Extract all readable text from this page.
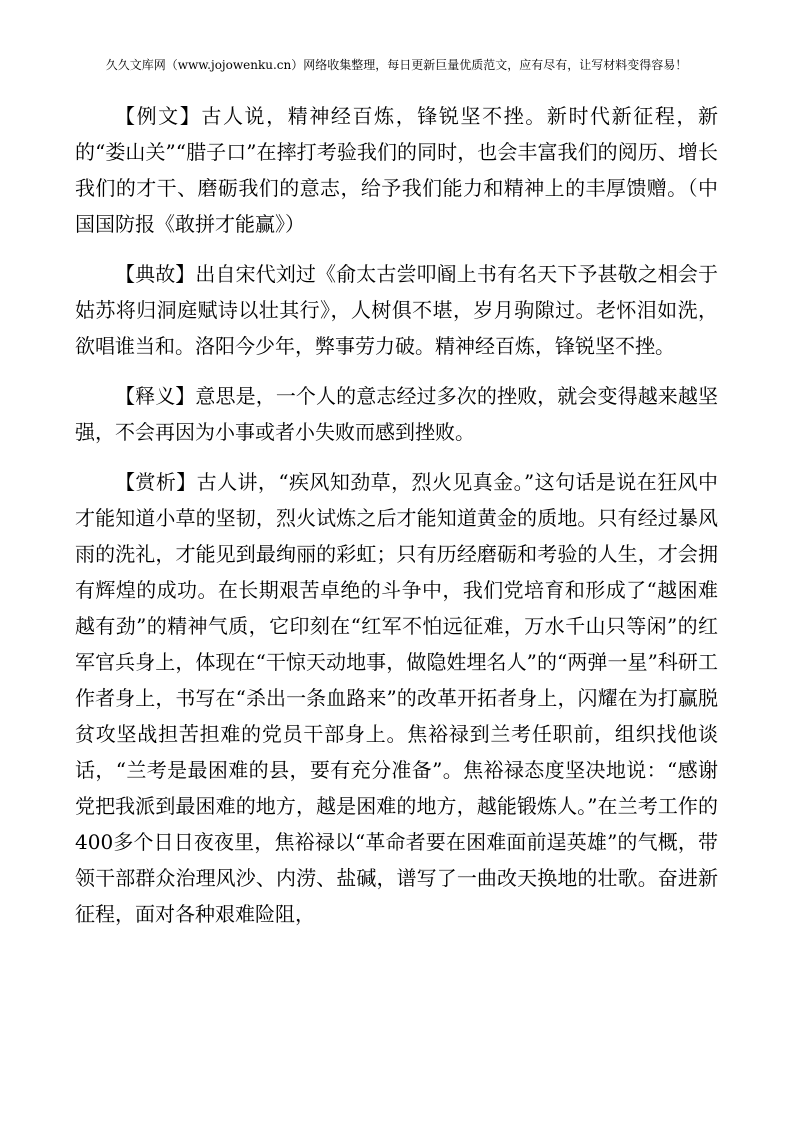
久久文库网（www.jojowenku.cn）网络收集整理，每日更新巨量优质范文，应有尽有，让写材料变得容易！

【例文】古人说，精神经百炼，锋锐坚不挫。新时代新征程，新的“娄山关”“腊子口”在摔打考验我们的同时，也会丰富我们的阅历、增长我们的才干、磨砺我们的意志，给予我们能力和精神上的丰厚馈赠。（中国国防报《敢拼才能赢》）

【典故】出自宋代刘过《俞太古尝叩阍上书有名天下予甚敬之相会于姑苏将归洞庭赋诗以壮其行》，人树俱不堪，岁月驹隙过。老怀泪如洗，欲唱谁当和。洛阳今少年，弊事劳力破。精神经百炼，锋锐坚不挫。

【释义】意思是，一个人的意志经过多次的挫败，就会变得越来越坚强，不会再因为小事或者小失败而感到挫败。

【赏析】古人讲，“疾风知劲草，烈火见真金。”这句话是说在狂风中才能知道小草的坚韧，烈火试炼之后才能知道黄金的质地。只有经过暴风雨的洗礼，才能见到最绚丽的彩虹；只有历经磨砺和考验的人生，才会拥有辉煌的成功。在长期艰苦卓绝的斗争中，我们党培育和形成了“越困难越有劲”的精神气质，它印刻在“红军不怕远征难，万水千山只等闲”的红军官兵身上，体现在“干惊天动地事，做隐姓埋名人”的“两弹一星”科研工作者身上，书写在“杀出一条血路来”的改革开拓者身上，闪耀在为打赢脱贫攻坚战担苦担难的党员干部身上。焦裕禄到兰考任职前，组织找他谈话，“兰考是最困难的县，要有充分准备”。焦裕禄态度坚决地说：“感谢党把我派到最困难的地方，越是困难的地方，越能锻炼人。”在兰考工作的400多个日日夜夜里，焦裕禄以“革命者要在困难面前逞英雄”的气概，带领干部群众治理风沙、内涝、盐碱，谱写了一曲改天换地的壮歌。奋进新征程，面对各种艰难险阻，
